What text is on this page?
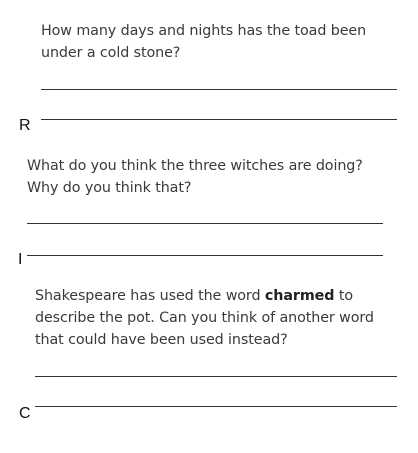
How many days and nights has the toad been
under a cold stone?
R
What do you think the three witches are doing?
Why do you think that?
I
Shakespeare has used the word charmed to
describe the pot. Can you think of another word
that could have been used instead?
C
